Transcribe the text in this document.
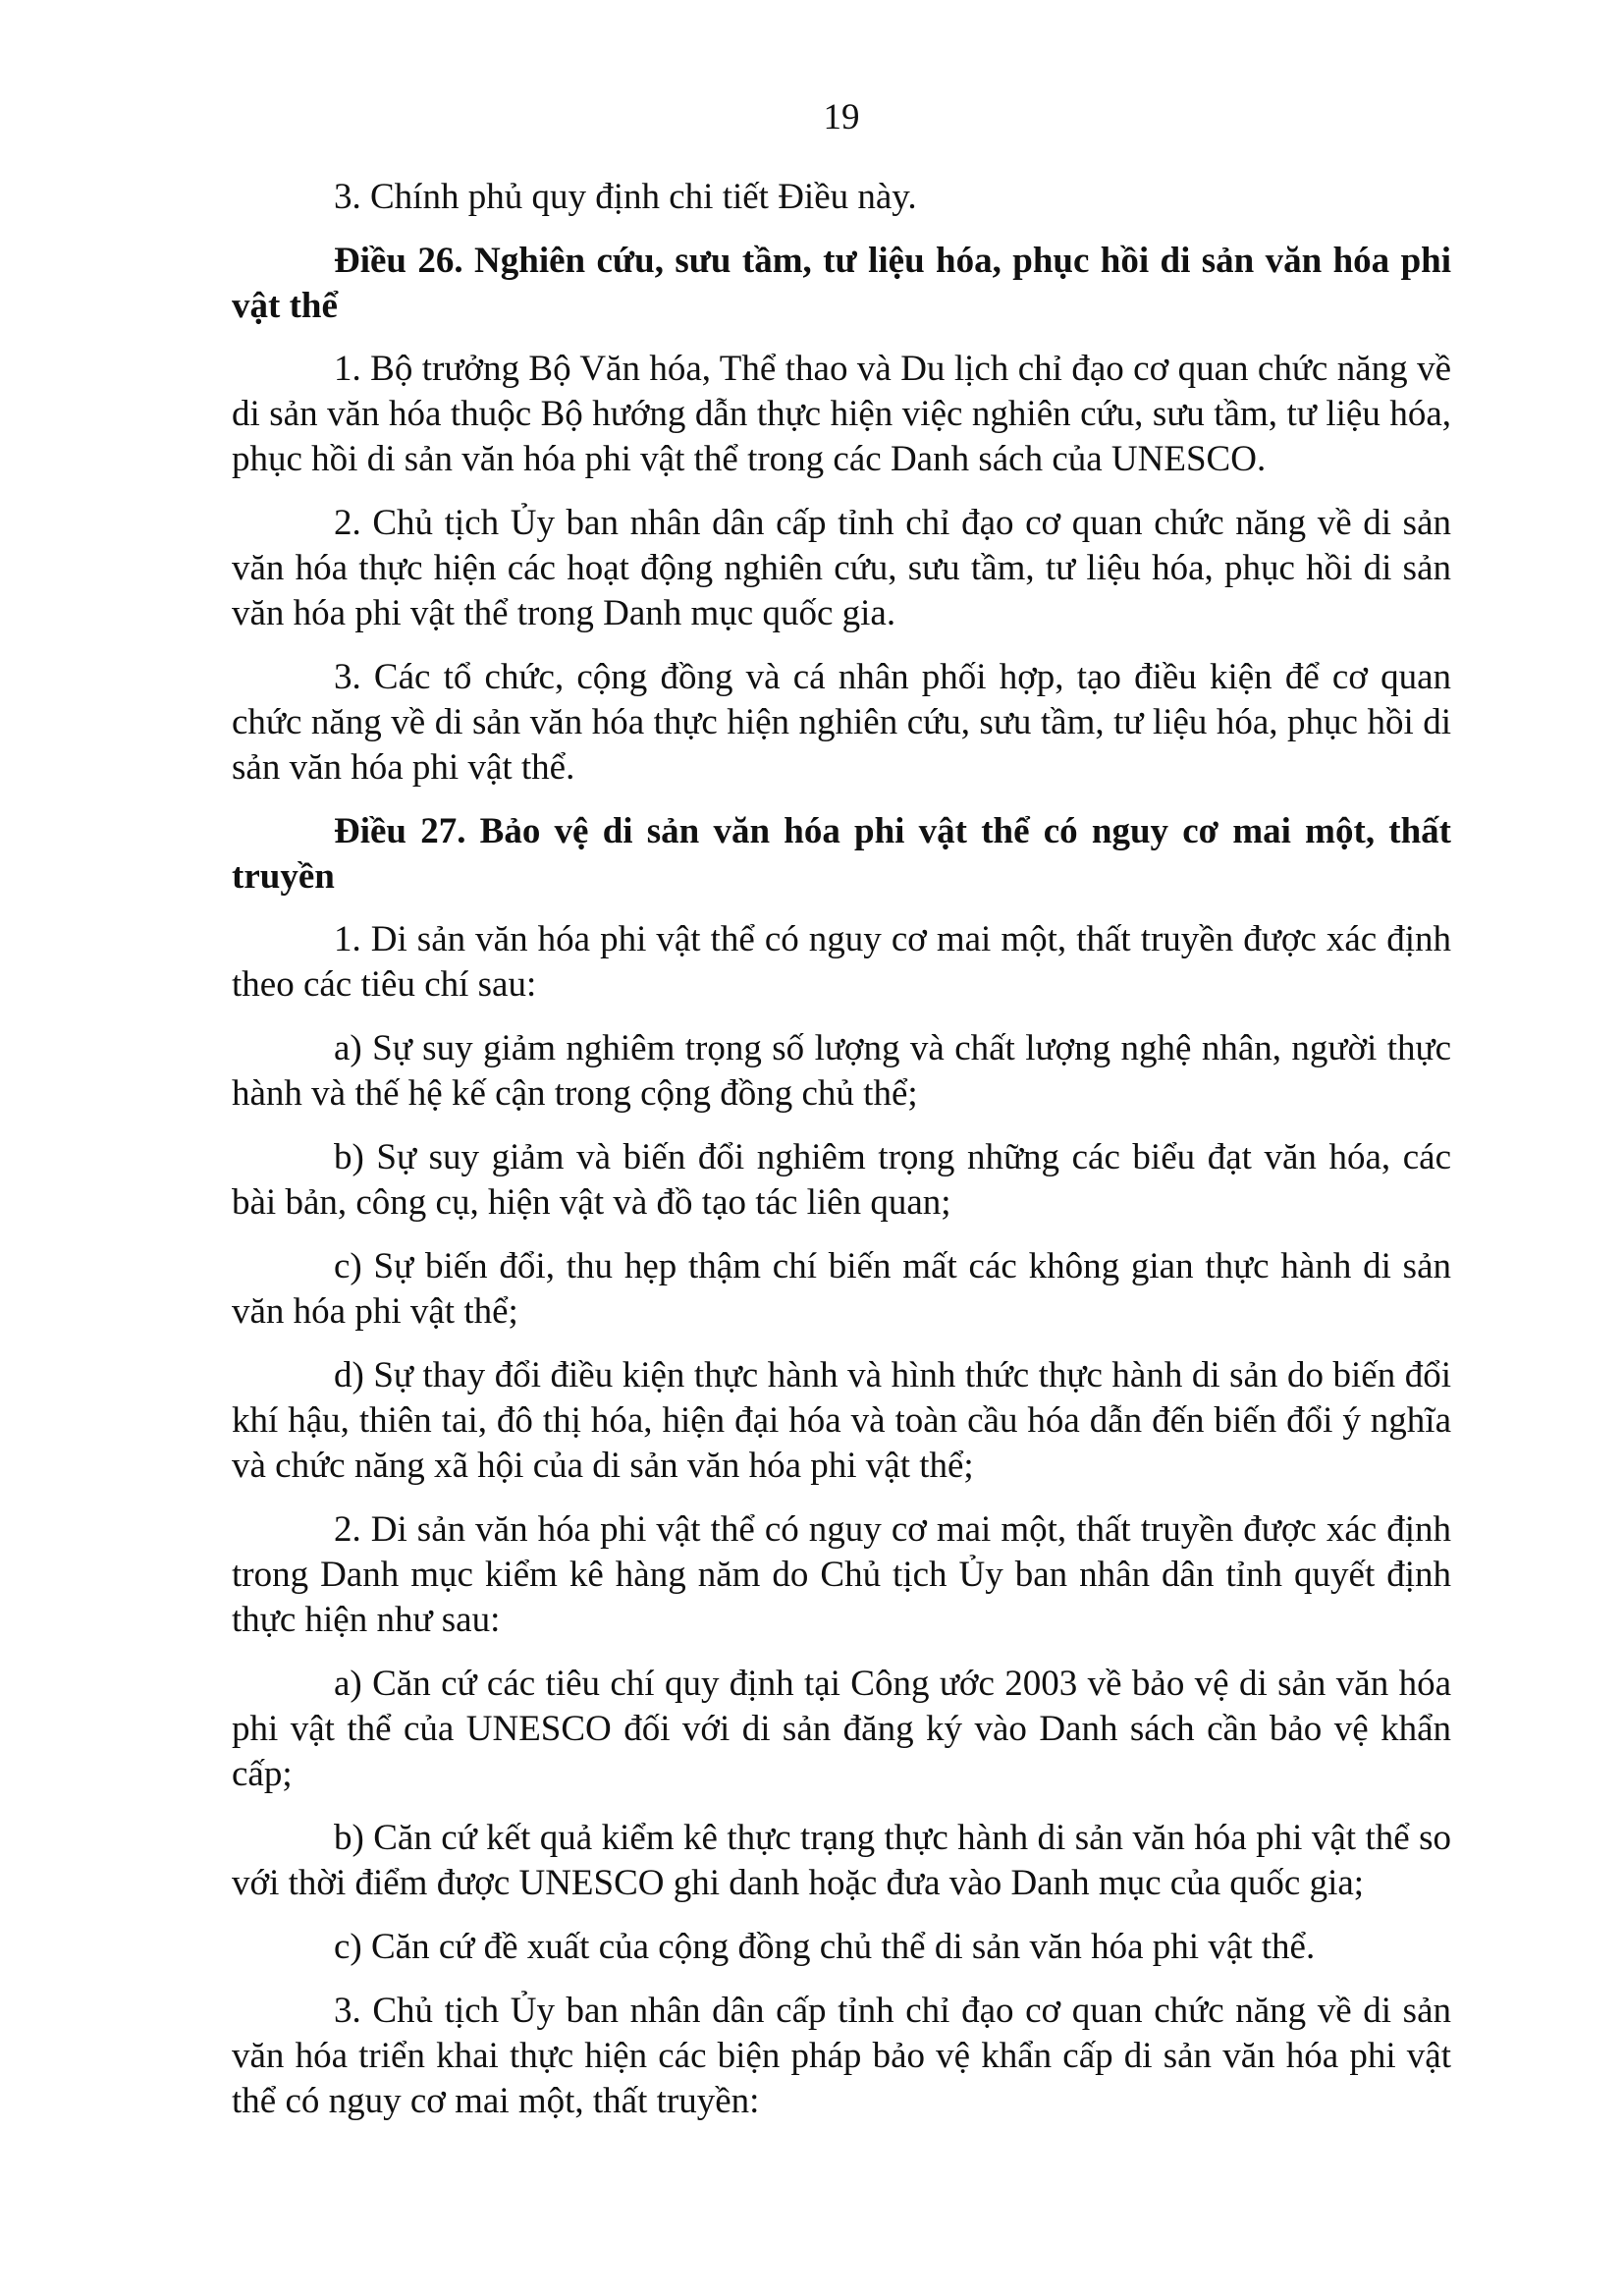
19

3. Chính phủ quy định chi tiết Điều này.

Điều 26. Nghiên cứu, sưu tầm, tư liệu hóa, phục hồi di sản văn hóa phi vật thể

1. Bộ trưởng Bộ Văn hóa, Thể thao và Du lịch chỉ đạo cơ quan chức năng về di sản văn hóa thuộc Bộ hướng dẫn thực hiện việc nghiên cứu, sưu tầm, tư liệu hóa, phục hồi di sản văn hóa phi vật thể trong các Danh sách của UNESCO.

2. Chủ tịch Ủy ban nhân dân cấp tỉnh chỉ đạo cơ quan chức năng về di sản văn hóa thực hiện các hoạt động nghiên cứu, sưu tầm, tư liệu hóa, phục hồi di sản văn hóa phi vật thể trong Danh mục quốc gia.

3. Các tổ chức, cộng đồng và cá nhân phối hợp, tạo điều kiện để cơ quan chức năng về di sản văn hóa thực hiện nghiên cứu, sưu tầm, tư liệu hóa, phục hồi di sản văn hóa phi vật thể.

Điều 27. Bảo vệ di sản văn hóa phi vật thể có nguy cơ mai một, thất truyền

1. Di sản văn hóa phi vật thể có nguy cơ mai một, thất truyền được xác định theo các tiêu chí sau:

a) Sự suy giảm nghiêm trọng số lượng và chất lượng nghệ nhân, người thực hành và thế hệ kế cận trong cộng đồng chủ thể;

b) Sự suy giảm và biến đổi nghiêm trọng những các biểu đạt văn hóa, các bài bản, công cụ, hiện vật và đồ tạo tác liên quan;

c) Sự biến đổi, thu hẹp thậm chí biến mất các không gian thực hành di sản văn hóa phi vật thể;

d) Sự thay đổi điều kiện thực hành và hình thức thực hành di sản do biến đổi khí hậu, thiên tai, đô thị hóa, hiện đại hóa và toàn cầu hóa dẫn đến biến đổi ý nghĩa và chức năng xã hội của di sản văn hóa phi vật thể;

2. Di sản văn hóa phi vật thể có nguy cơ mai một, thất truyền được xác định trong Danh mục kiểm kê hàng năm do Chủ tịch Ủy ban nhân dân tỉnh quyết định thực hiện như sau:

a) Căn cứ các tiêu chí quy định tại Công ước 2003 về bảo vệ di sản văn hóa phi vật thể của UNESCO đối với di sản đăng ký vào Danh sách cần bảo vệ khẩn cấp;

b) Căn cứ kết quả kiểm kê thực trạng thực hành di sản văn hóa phi vật thể so với thời điểm được UNESCO ghi danh hoặc đưa vào Danh mục của quốc gia;

c) Căn cứ đề xuất của cộng đồng chủ thể di sản văn hóa phi vật thể.

3. Chủ tịch Ủy ban nhân dân cấp tỉnh chỉ đạo cơ quan chức năng về di sản văn hóa triển khai thực hiện các biện pháp bảo vệ khẩn cấp di sản văn hóa phi vật thể có nguy cơ mai một, thất truyền:
